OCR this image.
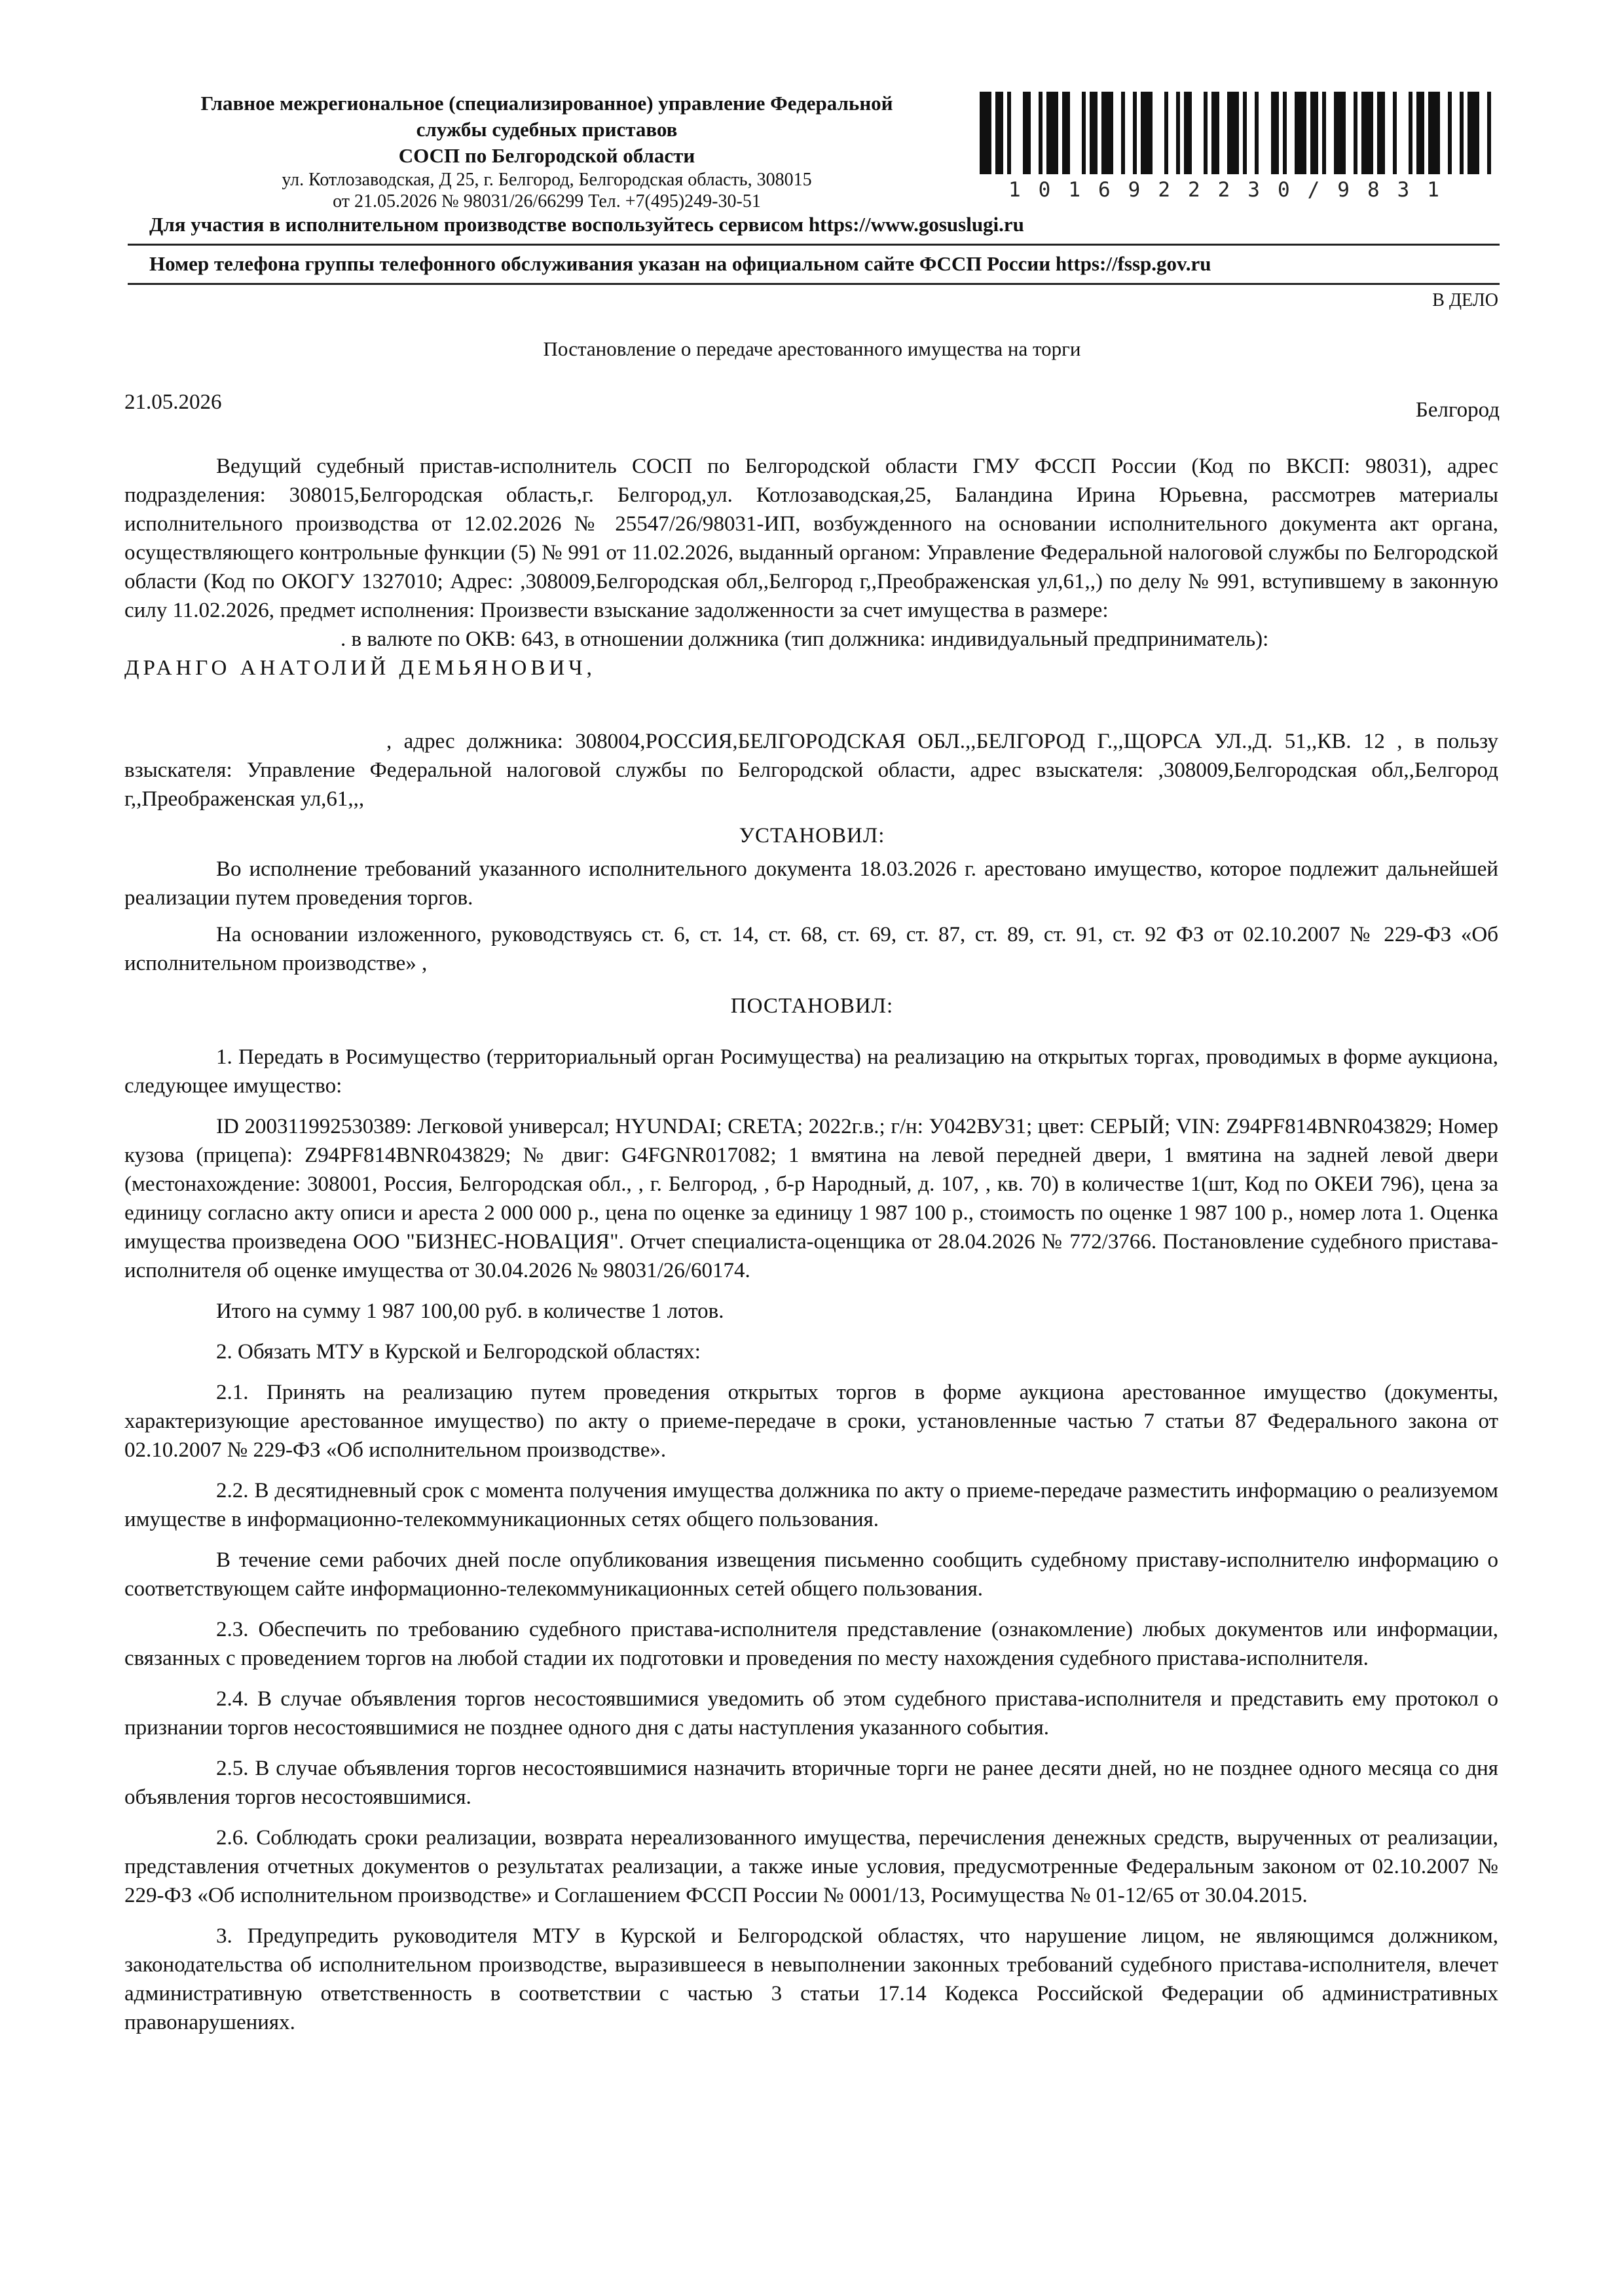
Главное межрегиональное (специализированное) управление Федеральной
службы судебных приставов
СОСП по Белгородской области
ул. Котлозаводская, Д 25, г. Белгород, Белгородская область, 308015
от 21.05.2026 № 98031/26/66299 Тел. +7(495)249-30-51	1016922230/9831
Для участия в исполнительном производстве воспользуйтесь сервисом https://www.gosuslugi.ru
Номер телефона группы телефонного обслуживания указан на официальном сайте ФССП России https://fssp.gov.ru
В ДЕЛО
Постановление о передаче арестованного имущества на торги
21.05.2026	Белгород

Ведущий судебный пристав-исполнитель СОСП по Белгородской области ГМУ ФССП России (Код по ВКСП: 98031), адрес подразделения: 308015,Белгородская область,г. Белгород,ул. Котлозаводская,25, Баландина Ирина Юрьевна, рассмотрев материалы исполнительного производства от 12.02.2026 № 25547/26/98031-ИП, возбужденного на основании исполнительного документа акт органа, осуществляющего контрольные функции (5) № 991 от 11.02.2026, выданный органом: Управление Федеральной налоговой службы по Белгородской области (Код по ОКОГУ 1327010; Адрес: ,308009,Белгородская обл,,Белгород г,,Преображенская ул,61,,) по делу № 991, вступившему в законную силу 11.02.2026, предмет исполнения: Произвести взыскание задолженности за счет имущества в размере:

. в валюте по ОКВ: 643, в отношении должника (тип должника: индивидуальный предприниматель):

ДРАНГО АНАТОЛИЙ ДЕМЬЯНОВИЧ,

, адрес должника: 308004,РОССИЯ,БЕЛГОРОДСКАЯ ОБЛ.,,БЕЛГОРОД Г.,,ЩОРСА УЛ.,Д. 51,,КВ. 12 , в пользу взыскателя: Управление Федеральной налоговой службы по Белгородской области, адрес взыскателя: ,308009,Белгородская обл,,Белгород г,,Преображенская ул,61,,,

УСТАНОВИЛ:

Во исполнение требований указанного исполнительного документа 18.03.2026 г. арестовано имущество, которое подлежит дальнейшей реализации путем проведения торгов.

На основании изложенного, руководствуясь ст. 6, ст. 14, ст. 68, ст. 69, ст. 87, ст. 89, ст. 91, ст. 92 ФЗ от 02.10.2007 № 229-ФЗ «Об исполнительном производстве» ,

ПОСТАНОВИЛ:

1. Передать в Росимущество (территориальный орган Росимущества) на реализацию на открытых торгах, проводимых в форме аукциона, следующее имущество:

ID 200311992530389: Легковой универсал; HYUNDAI; CRETA; 2022г.в.; г/н: У042ВУ31; цвет: СЕРЫЙ; VIN: Z94PF814BNR043829; Номер кузова (прицепа): Z94PF814BNR043829; № двиг: G4FGNR017082; 1 вмятина на левой передней двери, 1 вмятина на задней левой двери (местонахождение: 308001, Россия, Белгородская обл., , г. Белгород, , б-р Народный, д. 107, , кв. 70) в количестве 1(шт, Код по ОКЕИ 796), цена за единицу согласно акту описи и ареста 2 000 000 р., цена по оценке за единицу 1 987 100 р., стоимость по оценке 1 987 100 р., номер лота 1. Оценка имущества произведена ООО "БИЗНЕС-НОВАЦИЯ". Отчет специалиста-оценщика от 28.04.2026 № 772/3766. Постановление судебного пристава-исполнителя об оценке имущества от 30.04.2026 № 98031/26/60174.

Итого на сумму 1 987 100,00 руб. в количестве 1 лотов.

2. Обязать МТУ в Курской и Белгородской областях:

2.1. Принять на реализацию путем проведения открытых торгов в форме аукциона арестованное имущество (документы, характеризующие арестованное имущество) по акту о приеме-передаче в сроки, установленные частью 7 статьи 87 Федерального закона от 02.10.2007 № 229-ФЗ «Об исполнительном производстве».

2.2. В десятидневный срок с момента получения имущества должника по акту о приеме-передаче разместить информацию о реализуемом имуществе в информационно-телекоммуникационных сетях общего пользования.

В течение семи рабочих дней после опубликования извещения письменно сообщить судебному приставу-исполнителю информацию о соответствующем сайте информационно-телекоммуникационных сетей общего пользования.

2.3. Обеспечить по требованию судебного пристава-исполнителя представление (ознакомление) любых документов или информации, связанных с проведением торгов на любой стадии их подготовки и проведения по месту нахождения судебного пристава-исполнителя.

2.4. В случае объявления торгов несостоявшимися уведомить об этом судебного пристава-исполнителя и представить ему протокол о признании торгов несостоявшимися не позднее одного дня с даты наступления указанного события.

2.5. В случае объявления торгов несостоявшимися назначить вторичные торги не ранее десяти дней, но не позднее одного месяца со дня объявления торгов несостоявшимися.

2.6. Соблюдать сроки реализации, возврата нереализованного имущества, перечисления денежных средств, вырученных от реализации, представления отчетных документов о результатах реализации, а также иные условия, предусмотренные Федеральным законом от 02.10.2007 № 229-ФЗ «Об исполнительном производстве» и Соглашением ФССП России № 0001/13, Росимущества № 01-12/65 от 30.04.2015.

3. Предупредить руководителя МТУ в Курской и Белгородской областях, что нарушение лицом, не являющимся должником, законодательства об исполнительном производстве, выразившееся в невыполнении законных требований судебного пристава-исполнителя, влечет административную ответственность в соответствии с частью 3 статьи 17.14 Кодекса Российской Федерации об административных правонарушениях.
